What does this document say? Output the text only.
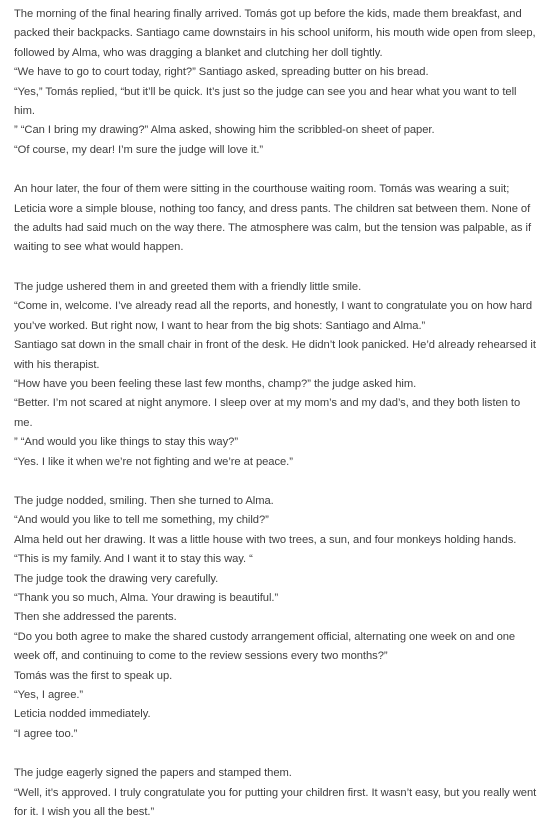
The morning of the final hearing finally arrived. Tomás got up before the kids, made them breakfast, and packed their backpacks. Santiago came downstairs in his school uniform, his mouth wide open from sleep, followed by Alma, who was dragging a blanket and clutching her doll tightly.

“We have to go to court today, right?” Santiago asked, spreading butter on his bread.

“Yes,” Tomás replied, “but it’ll be quick. It’s just so the judge can see you and hear what you want to tell him.

” “Can I bring my drawing?” Alma asked, showing him the scribbled-on sheet of paper.

“Of course, my dear! I’m sure the judge will love it.”

An hour later, the four of them were sitting in the courthouse waiting room. Tomás was wearing a suit; Leticia wore a simple blouse, nothing too fancy, and dress pants. The children sat between them. None of the adults had said much on the way there. The atmosphere was calm, but the tension was palpable, as if waiting to see what would happen.

The judge ushered them in and greeted them with a friendly little smile.

“Come in, welcome. I’ve already read all the reports, and honestly, I want to congratulate you on how hard you’ve worked. But right now, I want to hear from the big shots: Santiago and Alma.”

Santiago sat down in the small chair in front of the desk. He didn’t look panicked. He’d already rehearsed it with his therapist.

“How have you been feeling these last few months, champ?” the judge asked him.

“Better. I’m not scared at night anymore. I sleep over at my mom’s and my dad’s, and they both listen to me.

” “And would you like things to stay this way?”

“Yes. I like it when we’re not fighting and we’re at peace.”

The judge nodded, smiling. Then she turned to Alma.

“And would you like to tell me something, my child?”

Alma held out her drawing. It was a little house with two trees, a sun, and four monkeys holding hands.

“This is my family. And I want it to stay this way. “

The judge took the drawing very carefully.

“Thank you so much, Alma. Your drawing is beautiful.”

Then she addressed the parents.

“Do you both agree to make the shared custody arrangement official, alternating one week on and one week off, and continuing to come to the review sessions every two months?”

Tomás was the first to speak up.

“Yes, I agree.”

Leticia nodded immediately.

“I agree too.”

The judge eagerly signed the papers and stamped them.

“Well, it’s approved. I truly congratulate you for putting your children first. It wasn’t easy, but you really went for it. I wish you all the best.”
